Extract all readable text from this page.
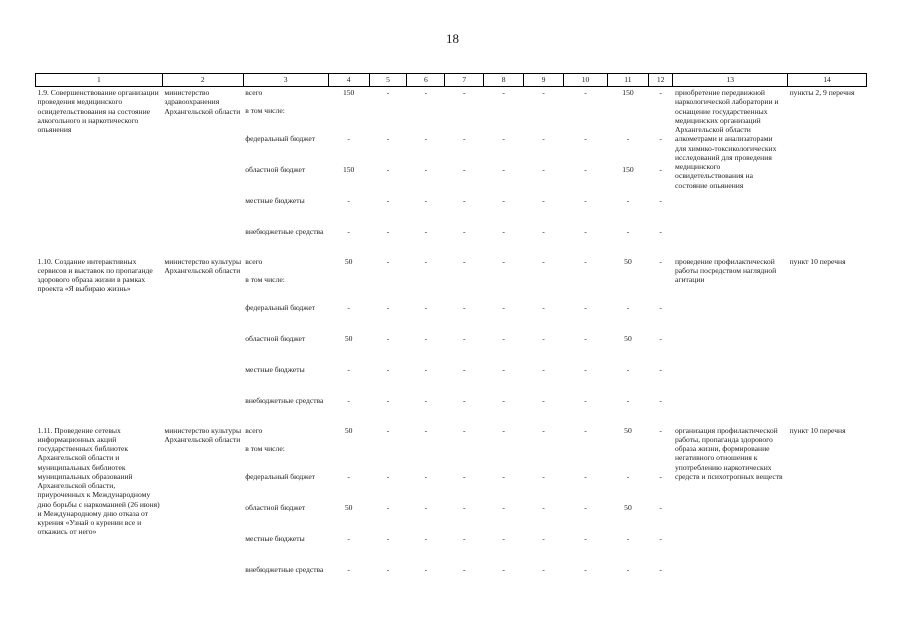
18
1	2	3	4	5	6	7	8	9	10	11	12	13	14
1.9. Совершенствование организации проведения медицинского освидетельствования на состояние алкогольного и наркотического опьянения	министерство здравоохранения Архангельской области	всего	150	-	-	-	-	-	-	150	-	приобретение передвижной наркологической лаборатории и оснащение государственных медицинских организаций Архангельской области алкометрами и анализаторами для химико-токсикологических исследований для проведения медицинского освидетельствования на состояние опьянения	пункты 2, 9 перечня
		в том числе:											
		федеральный бюджет	-	-	-	-	-	-	-	-	-		
		областной бюджет	150	-	-	-	-	-	-	150	-		
		местные бюджеты	-	-	-	-	-	-	-	-	-		
		внебюджетные средства	-	-	-	-	-	-	-	-	-		
1.10. Создание интерактивных сервисов и выставок по пропаганде здорового образа жизни в рамках проекта «Я выбираю жизнь»	министерство культуры Архангельской области	всего	50	-	-	-	-	-	-	50	-	проведение профилактической работы посредством наглядной агитации	пункт 10 перечня
		в том числе:											
		федеральный бюджет	-	-	-	-	-	-	-	-	-		
		областной бюджет	50	-	-	-	-	-	-	50	-		
		местные бюджеты	-	-	-	-	-	-	-	-	-		
		внебюджетные средства	-	-	-	-	-	-	-	-	-		
1.11. Проведение сетевых информационных акций государственных библиотек Архангельской области и муниципальных библиотек муниципальных образований Архангельской области, приуроченных к Международному дню борьбы с наркоманией (26 июня) и Международному дню отказа от курения «Узнай о курении все и откажись от него»	министерство культуры Архангельской области	всего	50	-	-	-	-	-	-	50	-	организация профилактической работы, пропаганда здорового образа жизни, формирование негативного отношения к употреблению наркотических средств и психотропных веществ	пункт 10 перечня
		в том числе:											
		федеральный бюджет	-	-	-	-	-	-	-	-	-		
		областной бюджет	50	-	-	-	-	-	-	50	-		
		местные бюджеты	-	-	-	-	-	-	-	-	-		
		внебюджетные средства	-	-	-	-	-	-	-	-	-		
